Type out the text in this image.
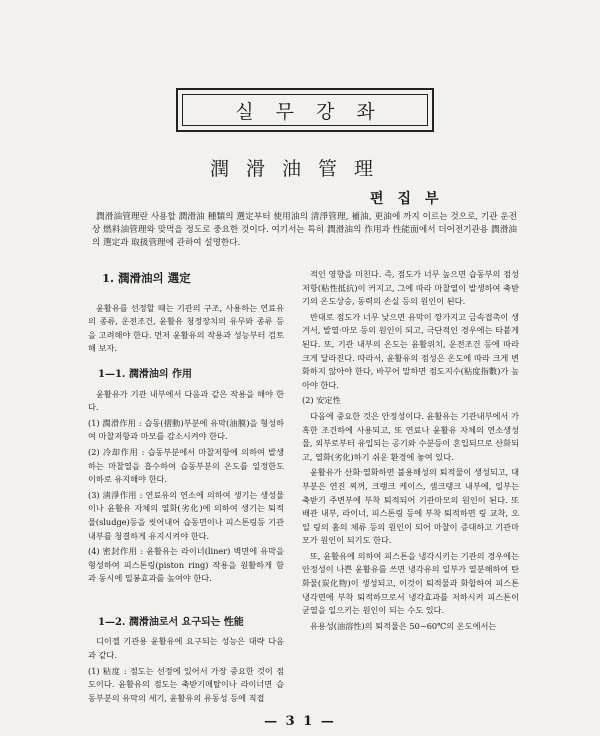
실무강좌
潤滑油管理
편집부
潤滑油管理란 사용할 潤滑油 種類의 選定부터 使用油의 淸淨管理, 補油, 更油에 까지 이르는 것으로, 기관 운전상 燃料油管理와 맞먹을 정도로 중요한 것이다. 여기서는 특히 潤滑油의 作用과 性能面에서 더어전기관용 潤滑油의 選定과 取扱管理에 관하여 설명한다.
1. 潤滑油의 選定

윤활유를 선정할 때는 기관의 구조, 사용하는 연료유의 종류, 운전조건, 윤활유 청정장치의 유무와 종류 등을 고려해야 한다. 먼저 윤활유의 작용과 성능부터 검토해 보자.

1—1. 潤滑油의 作用

윤활유가 기관 내부에서 다음과 같은 작용을 해야 한다.

(1) 潤滑作用 : 습동(摺動)부분에 유막(油膜)을 형성하여 마찰저항과 마모를 감소시켜야 한다.

(2) 冷却作用 : 습동부분에서 마찰저항에 의하여 발생하는 마찰열을 흡수하여 습동부분의 온도를 일정한도 이하로 유지해야 한다.

(3) 淸淨作用 : 연료유의 연소에 의하여 생기는 생성물이나 윤활유 자체의 열화(劣化)에 의하여 생기는 퇴적물(sludge)등을 씻어내어 습동면이나 피스톤링등 기관내부를 청결하게 유지시켜야 한다.

(4) 密封作用 : 윤활유는 라이너(liner) 벽면에 유막을 형성하여 피스톤링(piston ring) 작용을 원활하게 함과 동시에 밀봉효과를 높여야 한다.

1—2. 潤滑油로서 요구되는 性能

디이젤 기관용 윤활유에 요구되는 성능은 대략 다음과 같다.

(1) 粘度 : 점도는 선정에 있어서 가장 중요한 것이 점도이다. 윤활유의 점도는 축받기메탈이나 라이너면 습동부분의 유막의 세기, 윤활유의 유동성 등에 직접

적인 영향을 미친다. 즉, 점도가 너무 높으면 습동부의 점성저항(粘性抵抗)이 커지고, 그에 따라 마찰열이 발생하여 축받기의 온도상승, 동력의 손실 등의 원인이 된다.

반대로 점도가 너무 낮으면 유막이 깡가지고 금속접촉이 생겨서, 발열·마모 등의 원인이 되고, 극단적인 경우에는 타붙게 된다. 또, 기관 내부의 온도는 윤활위치, 운전조건 등에 따라 크게 달라진다. 따라서, 윤활유의 점성은 온도에 따라 크게 변화하지 않아야 한다, 바꾸어 말하면 점도지수(粘度指數)가 높아야 한다.

(2) 安定性

다음에 중요한 것은 안정성이다. 윤활유는 기관내부에서 가혹한 조건하에 사용되고, 또 연료나 윤활유 자체의 연소생성물, 외부로부터 유입되는 공기와 수분등이 혼입되므로 산화되고, 열화(劣化)하기 쉬운 환경에 놓여 있다.

윤활유가 산화·열화하면 불용해성의 퇴적물이 생성되고, 대부분은 연진 찌꺼, 크랭크 케이스, 샘크탱크 내부에, 일부는 축받기 주변부에 부착 퇴적되어 기관마모의 원인이 된다. 또 배관 내부, 라이너, 피스톤링 등에 부착 퇴적하면 링 교착, 오일 링의 홈의 체류 등의 원인이 되어 마찰이 증대하고 기관마모가 원인이 되기도 한다.

또, 윤활유에 의하여 피스톤을 냉각시키는 기관의 경우에는 안정성이 나쁜 윤활유를 쓰면 냉각유의 일부가 열분해하여 탄화물(炭化物)이 생성되고, 이것이 퇴적물과 화합하여 피스톤 냉각면에 부착 퇴적하므로서 냉각효과를 저하시켜 피스톤이 균열을 일으키는 원인이 되는 수도 있다.

유용성(油溶性)의 퇴적물은 50~60℃의 온도에서는

— 3 1 —
